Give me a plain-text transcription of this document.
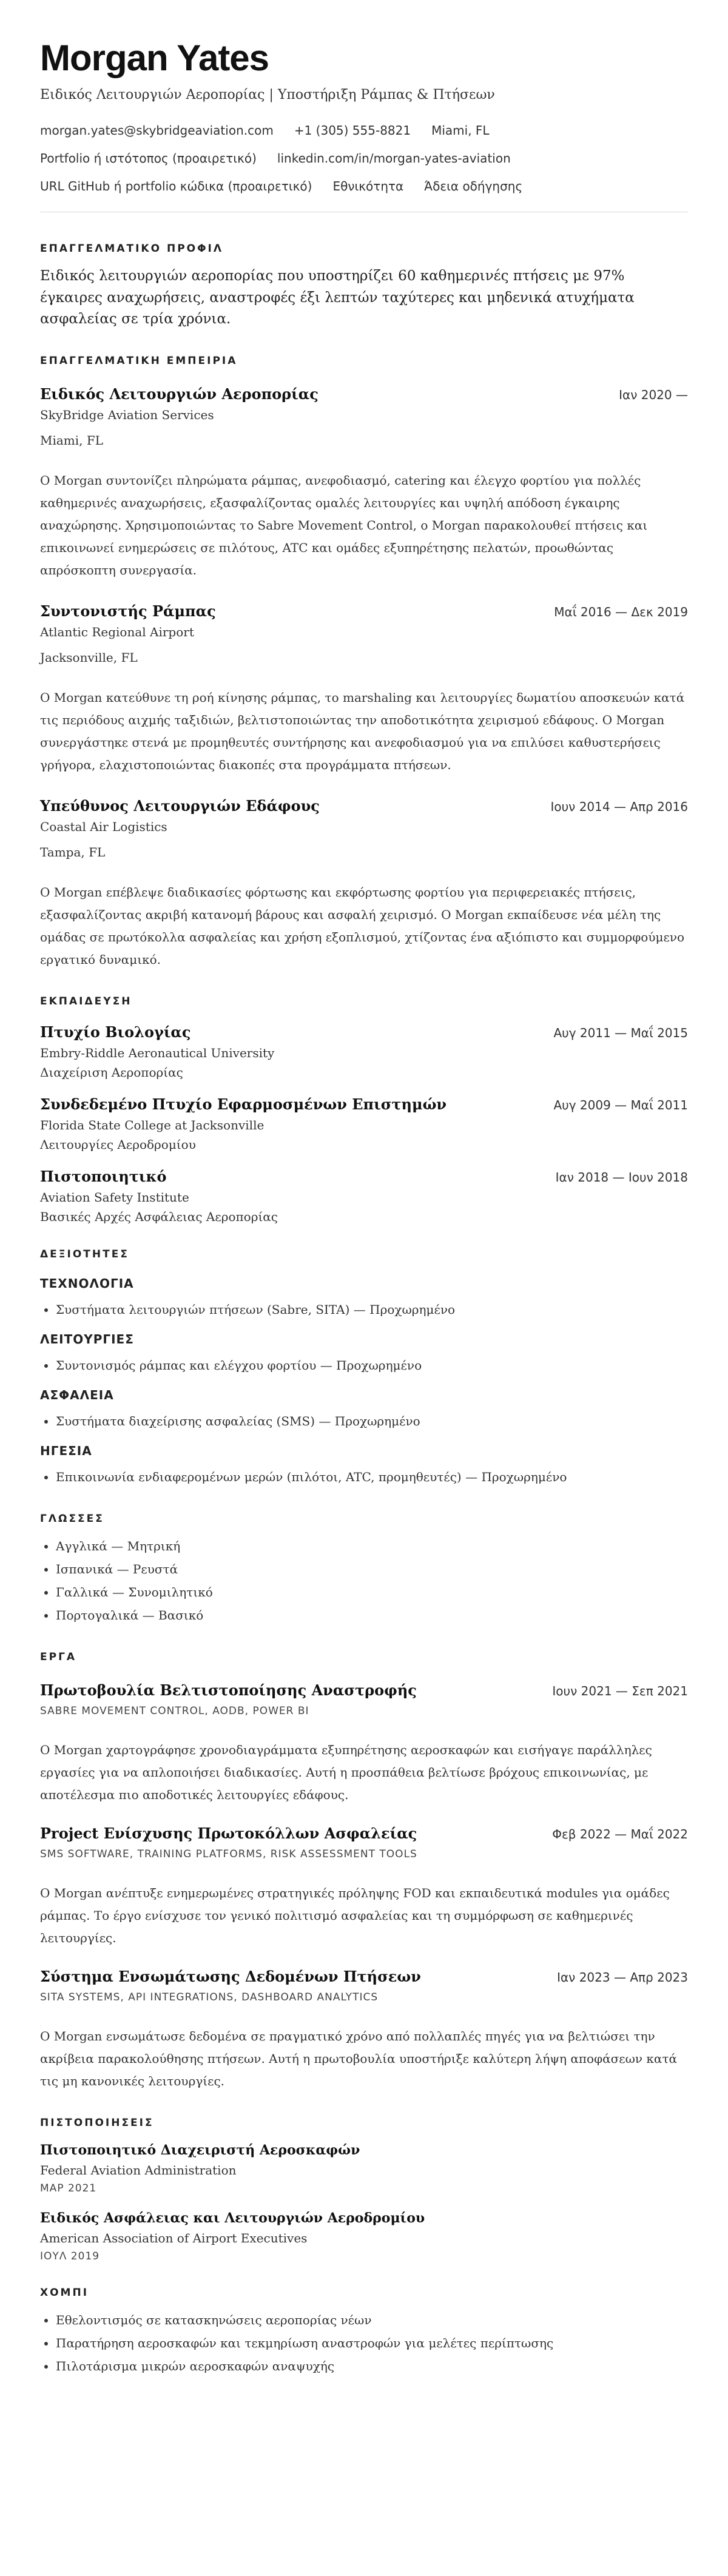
Morgan Yates
Ειδικός Λειτουργιών Αεροπορίας | Υποστήριξη Ράμπας & Πτήσεων
morgan.yates@skybridgeaviation.com +1 (305) 555-8821 Miami, FL
Portfolio ή ιστότοπος (προαιρετικό) linkedin.com/in/morgan-yates-aviation
URL GitHub ή portfolio κώδικα (προαιρετικό) Εθνικότητα Άδεια οδήγησης
ΕΠΑΓΓΕΛΜΑΤΙΚΟ ΠΡΟΦΙΛ
Ειδικός λειτουργιών αεροπορίας που υποστηρίζει 60 καθημερινές πτήσεις με 97% έγκαιρες αναχωρήσεις, αναστροφές έξι λεπτών ταχύτερες και μηδενικά ατυχήματα ασφαλείας σε τρία χρόνια.
ΕΠΑΓΓΕΛΜΑΤΙΚΗ ΕΜΠΕΙΡΙΑ
Ειδικός Λειτουργιών Αεροπορίας	Ιαν 2020 —
SkyBridge Aviation Services
Miami, FL
Ο Morgan συντονίζει πληρώματα ράμπας, ανεφοδιασμό, catering και έλεγχο φορτίου για πολλές καθημερινές αναχωρήσεις, εξασφαλίζοντας ομαλές λειτουργίες και υψηλή απόδοση έγκαιρης αναχώρησης. Χρησιμοποιώντας το Sabre Movement Control, ο Morgan παρακολουθεί πτήσεις και επικοινωνεί ενημερώσεις σε πιλότους, ATC και ομάδες εξυπηρέτησης πελατών, προωθώντας απρόσκοπτη συνεργασία.
Συντονιστής Ράμπας	Μαΐ 2016 — Δεκ 2019
Atlantic Regional Airport
Jacksonville, FL
Ο Morgan κατεύθυνε τη ροή κίνησης ράμπας, το marshaling και λειτουργίες δωματίου αποσκευών κατά τις περιόδους αιχμής ταξιδιών, βελτιστοποιώντας την αποδοτικότητα χειρισμού εδάφους. Ο Morgan συνεργάστηκε στενά με προμηθευτές συντήρησης και ανεφοδιασμού για να επιλύσει καθυστερήσεις γρήγορα, ελαχιστοποιώντας διακοπές στα προγράμματα πτήσεων.
Υπεύθυνος Λειτουργιών Εδάφους	Ιουν 2014 — Απρ 2016
Coastal Air Logistics
Tampa, FL
Ο Morgan επέβλεψε διαδικασίες φόρτωσης και εκφόρτωσης φορτίου για περιφερειακές πτήσεις, εξασφαλίζοντας ακριβή κατανομή βάρους και ασφαλή χειρισμό. Ο Morgan εκπαίδευσε νέα μέλη της ομάδας σε πρωτόκολλα ασφαλείας και χρήση εξοπλισμού, χτίζοντας ένα αξιόπιστο και συμμορφούμενο εργατικό δυναμικό.
ΕΚΠΑΙΔΕΥΣΗ
Πτυχίο Βιολογίας	Αυγ 2011 — Μαΐ 2015
Embry-Riddle Aeronautical University
Διαχείριση Αεροπορίας
Συνδεδεμένο Πτυχίο Εφαρμοσμένων Επιστημών	Αυγ 2009 — Μαΐ 2011
Florida State College at Jacksonville
Λειτουργίες Αεροδρομίου
Πιστοποιητικό	Ιαν 2018 — Ιουν 2018
Aviation Safety Institute
Βασικές Αρχές Ασφάλειας Αεροπορίας
ΔΕΞΙΟΤΗΤΕΣ
ΤΕΧΝΟΛΟΓΙΑ
• Συστήματα λειτουργιών πτήσεων (Sabre, SITA) — Προχωρημένο
ΛΕΙΤΟΥΡΓΙΕΣ
• Συντονισμός ράμπας και ελέγχου φορτίου — Προχωρημένο
ΑΣΦΑΛΕΙΑ
• Συστήματα διαχείρισης ασφαλείας (SMS) — Προχωρημένο
ΗΓΕΣΙΑ
• Επικοινωνία ενδιαφερομένων μερών (πιλότοι, ATC, προμηθευτές) — Προχωρημένο
ΓΛΩΣΣΕΣ
• Αγγλικά — Μητρική
• Ισπανικά — Ρευστά
• Γαλλικά — Συνομιλητικό
• Πορτογαλικά — Βασικό
ΕΡΓΑ
Πρωτοβουλία Βελτιστοποίησης Αναστροφής	Ιουν 2021 — Σεπ 2021
SABRE MOVEMENT CONTROL, AODB, POWER BI
Ο Morgan χαρτογράφησε χρονοδιαγράμματα εξυπηρέτησης αεροσκαφών και εισήγαγε παράλληλες εργασίες για να απλοποιήσει διαδικασίες. Αυτή η προσπάθεια βελτίωσε βρόχους επικοινωνίας, με αποτέλεσμα πιο αποδοτικές λειτουργίες εδάφους.
Project Ενίσχυσης Πρωτοκόλλων Ασφαλείας	Φεβ 2022 — Μαΐ 2022
SMS SOFTWARE, TRAINING PLATFORMS, RISK ASSESSMENT TOOLS
Ο Morgan ανέπτυξε ενημερωμένες στρατηγικές πρόληψης FOD και εκπαιδευτικά modules για ομάδες ράμπας. Το έργο ενίσχυσε τον γενικό πολιτισμό ασφαλείας και τη συμμόρφωση σε καθημερινές λειτουργίες.
Σύστημα Ενσωμάτωσης Δεδομένων Πτήσεων	Ιαν 2023 — Απρ 2023
SITA SYSTEMS, API INTEGRATIONS, DASHBOARD ANALYTICS
Ο Morgan ενσωμάτωσε δεδομένα σε πραγματικό χρόνο από πολλαπλές πηγές για να βελτιώσει την ακρίβεια παρακολούθησης πτήσεων. Αυτή η πρωτοβουλία υποστήριξε καλύτερη λήψη αποφάσεων κατά τις μη κανονικές λειτουργίες.
ΠΙΣΤΟΠΟΙΗΣΕΙΣ
Πιστοποιητικό Διαχειριστή Αεροσκαφών
Federal Aviation Administration
ΜΑΡ 2021
Ειδικός Ασφάλειας και Λειτουργιών Αεροδρομίου
American Association of Airport Executives
ΙΟΥΛ 2019
ΧΟΜΠΙ
• Εθελοντισμός σε κατασκηνώσεις αεροπορίας νέων
• Παρατήρηση αεροσκαφών και τεκμηρίωση αναστροφών για μελέτες περίπτωσης
• Πιλοτάρισμα μικρών αεροσκαφών αναψυχής
